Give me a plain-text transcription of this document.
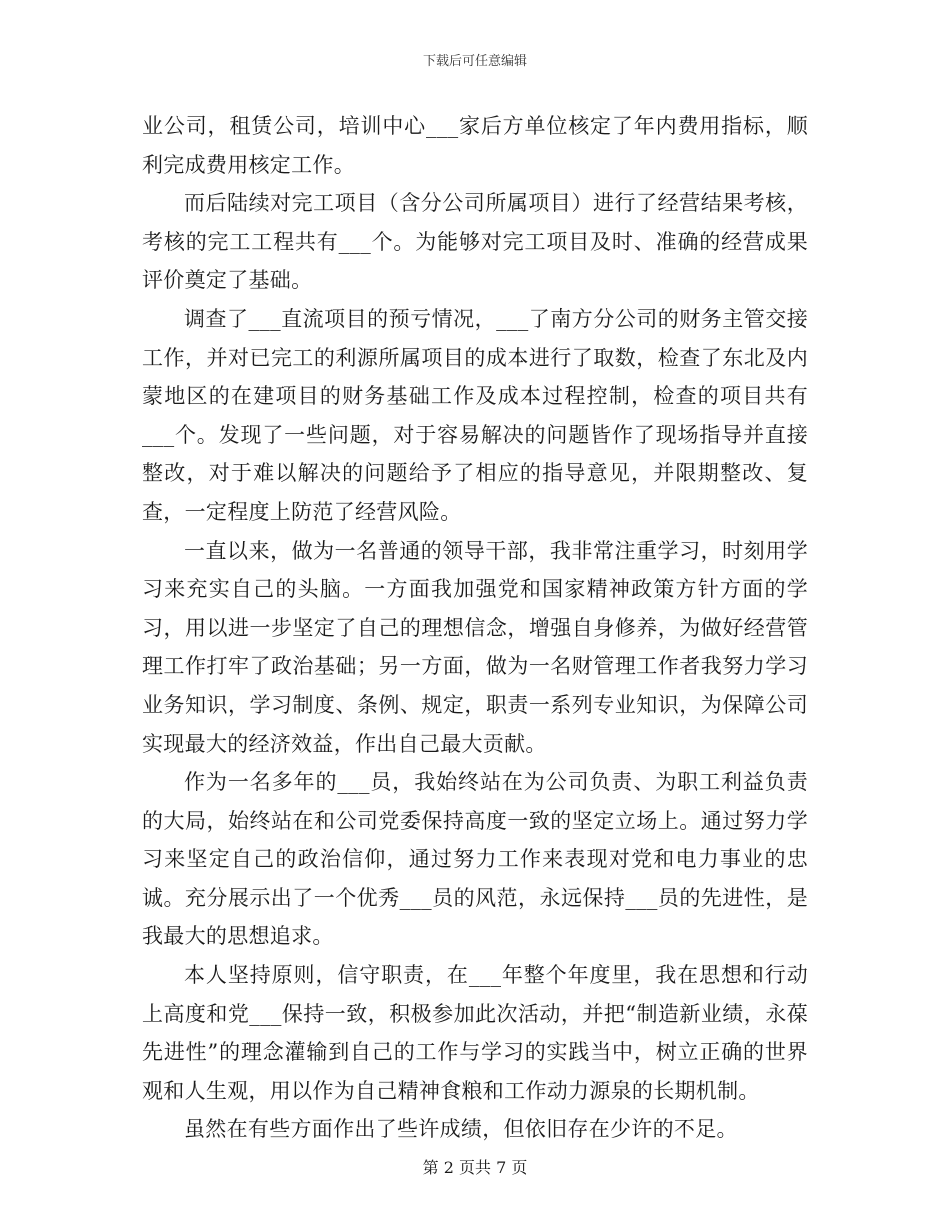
下载后可任意编辑

业公司，租赁公司，培训中心___家后方单位核定了年内费用指标，顺利完成费用核定工作。

而后陆续对完工项目（含分公司所属项目）进行了经营结果考核，考核的完工工程共有___个。为能够对完工项目及时、准确的经营成果评价奠定了基础。

调查了___直流项目的预亏情况，___了南方分公司的财务主管交接工作，并对已完工的利源所属项目的成本进行了取数，检查了东北及内蒙地区的在建项目的财务基础工作及成本过程控制，检查的项目共有___个。发现了一些问题，对于容易解决的问题皆作了现场指导并直接整改，对于难以解决的问题给予了相应的指导意见，并限期整改、复查，一定程度上防范了经营风险。

一直以来，做为一名普通的领导干部，我非常注重学习，时刻用学习来充实自己的头脑。一方面我加强党和国家精神政策方针方面的学习，用以进一步坚定了自己的理想信念，增强自身修养，为做好经营管理工作打牢了政治基础；另一方面，做为一名财管理工作者我努力学习业务知识，学习制度、条例、规定，职责一系列专业知识，为保障公司实现最大的经济效益，作出自己最大贡献。

作为一名多年的___员，我始终站在为公司负责、为职工利益负责的大局，始终站在和公司党委保持高度一致的坚定立场上。通过努力学习来坚定自己的政治信仰，通过努力工作来表现对党和电力事业的忠诚。充分展示出了一个优秀___员的风范，永远保持___员的先进性，是我最大的思想追求。

本人坚持原则，信守职责，在___年整个年度里，我在思想和行动上高度和党___保持一致，积极参加此次活动，并把“制造新业绩，永葆先进性”的理念灌输到自己的工作与学习的实践当中，树立正确的世界观和人生观，用以作为自己精神食粮和工作动力源泉的长期机制。

虽然在有些方面作出了些许成绩，但依旧存在少许的不足。

第 2 页共 7 页
